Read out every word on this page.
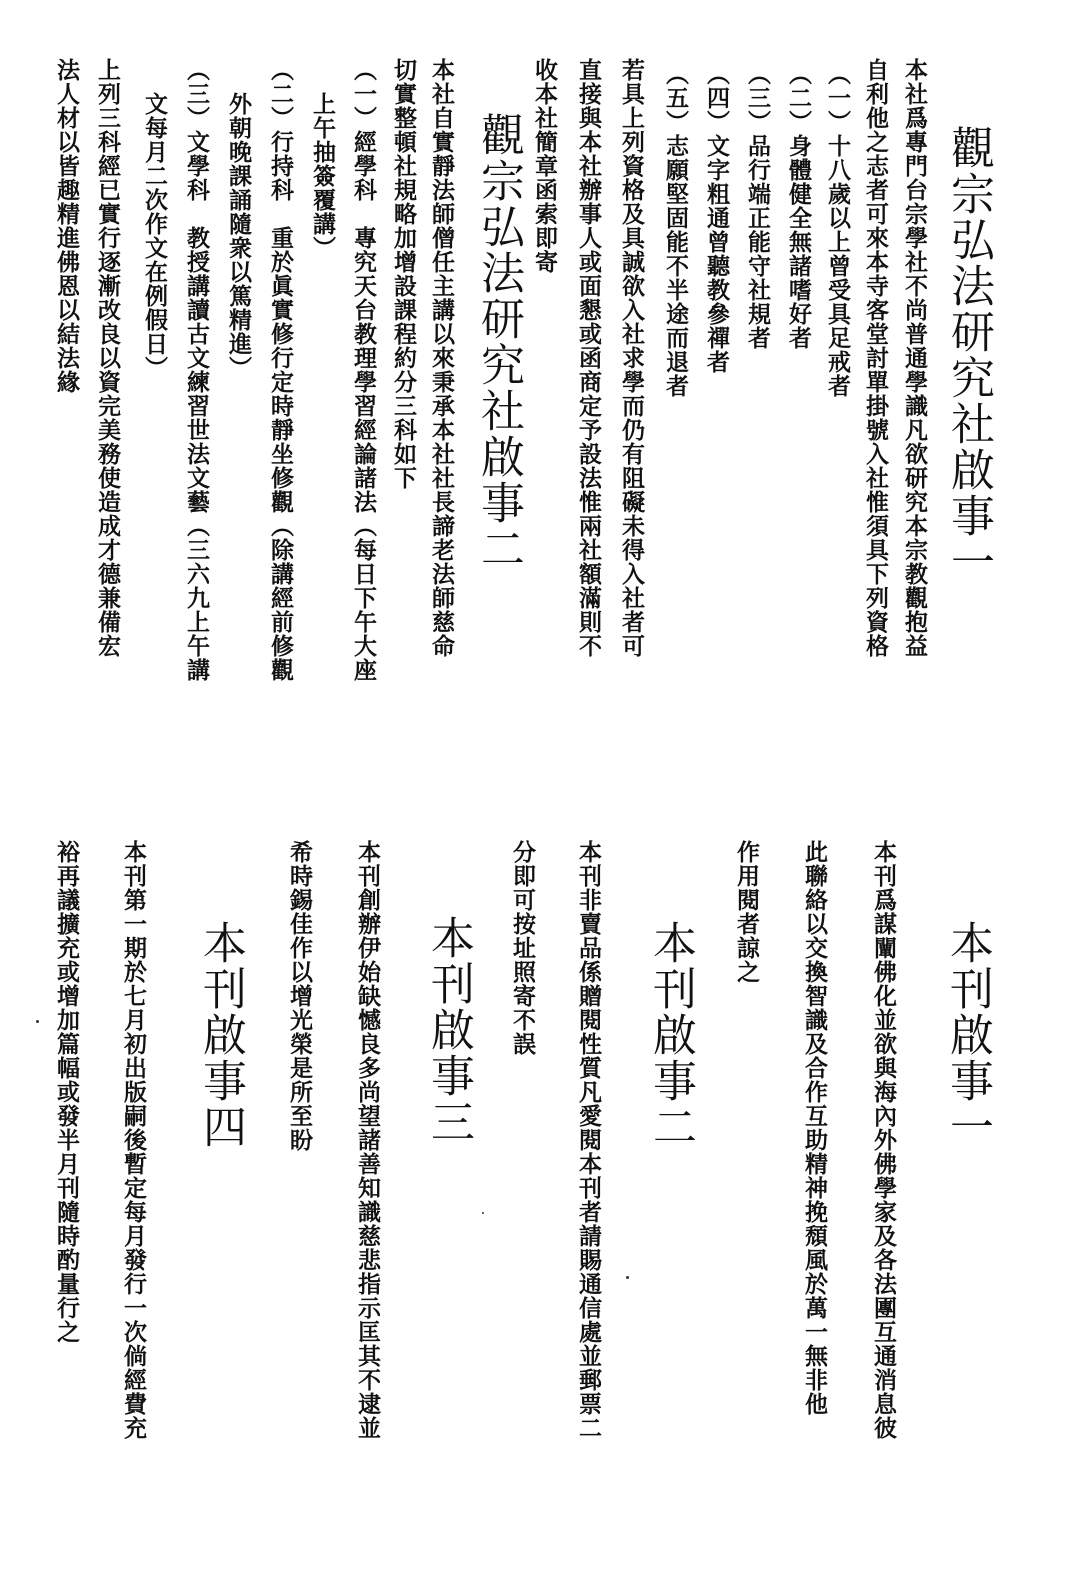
觀宗弘法研究社啟事一
本社爲專門台宗學社不尚普通學識凡欲研究本宗教觀抱益
自利他之志者可來本寺客堂討單掛號入社惟須具下列資格
（一）十八歲以上曾受具足戒者
（二）身體健全無諸嗜好者
（三）品行端正能守社規者
（四）文字粗通曾聽教參禪者
（五）志願堅固能不半途而退者
若具上列資格及具誠欲入社求學而仍有阻礙未得入社者可
直接與本社辦事人或面懇或函商定予設法惟兩社額滿則不
收本社簡章函索即寄
觀宗弘法研究社啟事二
本社自實靜法師僧任主講以來秉承本社社長諦老法師慈命
切實整頓社規略加增設課程約分三科如下
（一）經學科　專究天台教理學習經論諸法（每日下午大座
上午抽簽覆講）
（二）行持科　重於眞實修行定時靜坐修觀（除講經前修觀
外朝晚課誦隨衆以篤精進）
（三）文學科　教授講讀古文練習世法文藝（三六九上午講
文每月二次作文在例假日）
上列三科經已實行逐漸改良以資完美務使造成才德兼備宏
法人材以皆趣精進佛恩以結法緣
本刊啟事一
本刊爲謀闡佛化並欲與海內外佛學家及各法團互通消息彼
此聯絡以交換智識及合作互助精神挽頹風於萬一無非他
作用閱者諒之
本刊啟事二
本刊非賣品係贈閱性質凡愛閱本刊者請賜通信處並郵票二
分即可按址照寄不誤
本刊啟事三
本刊創辦伊始缺憾良多尚望諸善知識慈悲指示匡其不逮並
希時錫佳作以增光榮是所至盼
本刊啟事四
本刊第一期於七月初出版嗣後暫定每月發行一次倘經費充
裕再議擴充或增加篇幅或發半月刊隨時酌量行之
